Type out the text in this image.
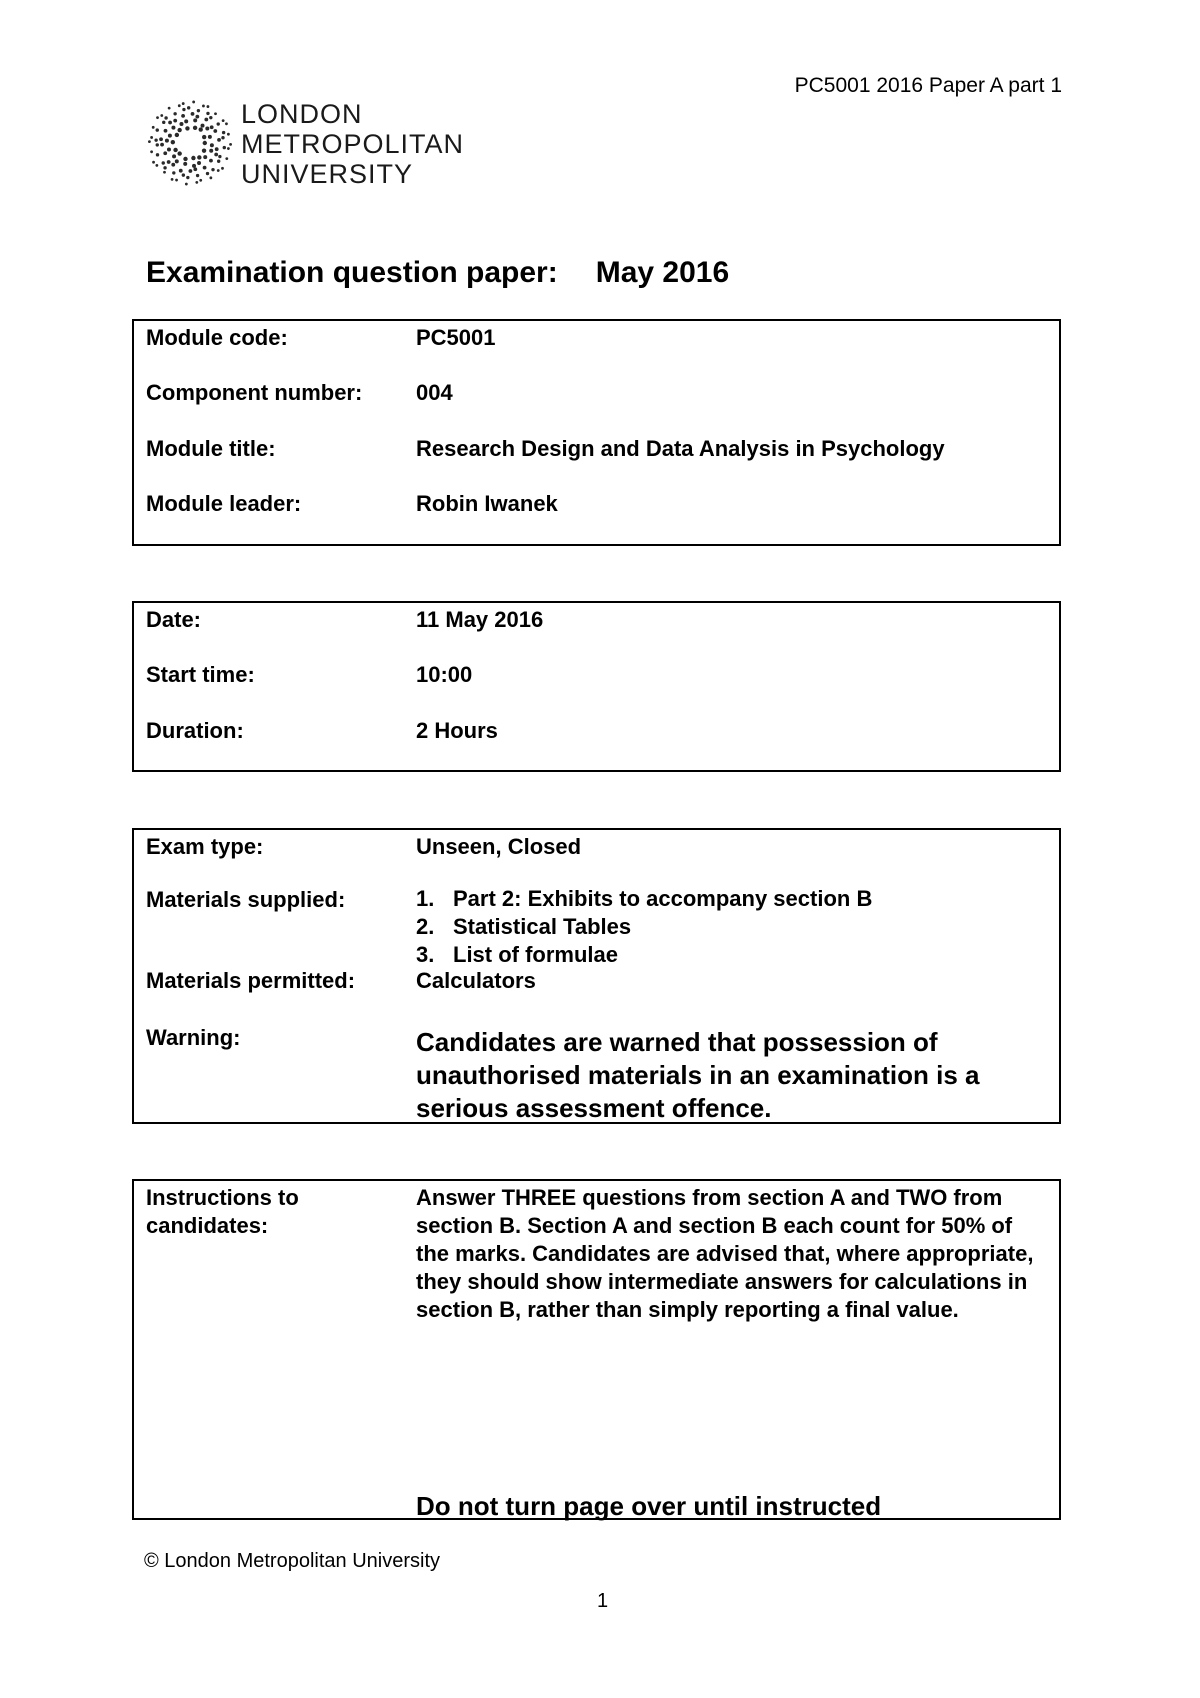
PC5001 2016 Paper A part 1
LONDON
METROPOLITAN
UNIVERSITY
Examination question paper: May 2016
Module code:	PC5001
Component number: 004
Module title:	Research Design and Data Analysis in Psychology
Module leader:	Robin Iwanek
Date:	11 May 2016
Start time:	10:00
Duration:	2 Hours
Exam type:	Unseen, Closed
Materials supplied:	1. Part 2: Exhibits to accompany section B
2. Statistical Tables
3. List of formulae
Materials permitted:	Calculators
Warning:	Candidates are warned that possession of unauthorised materials in an examination is a serious assessment offence.
Instructions to candidates:
Answer THREE questions from section A and TWO from section B. Section A and section B each count for 50% of the marks. Candidates are advised that, where appropriate, they should show intermediate answers for calculations in section B, rather than simply reporting a final value.
Do not turn page over until instructed
© London Metropolitan University
1
